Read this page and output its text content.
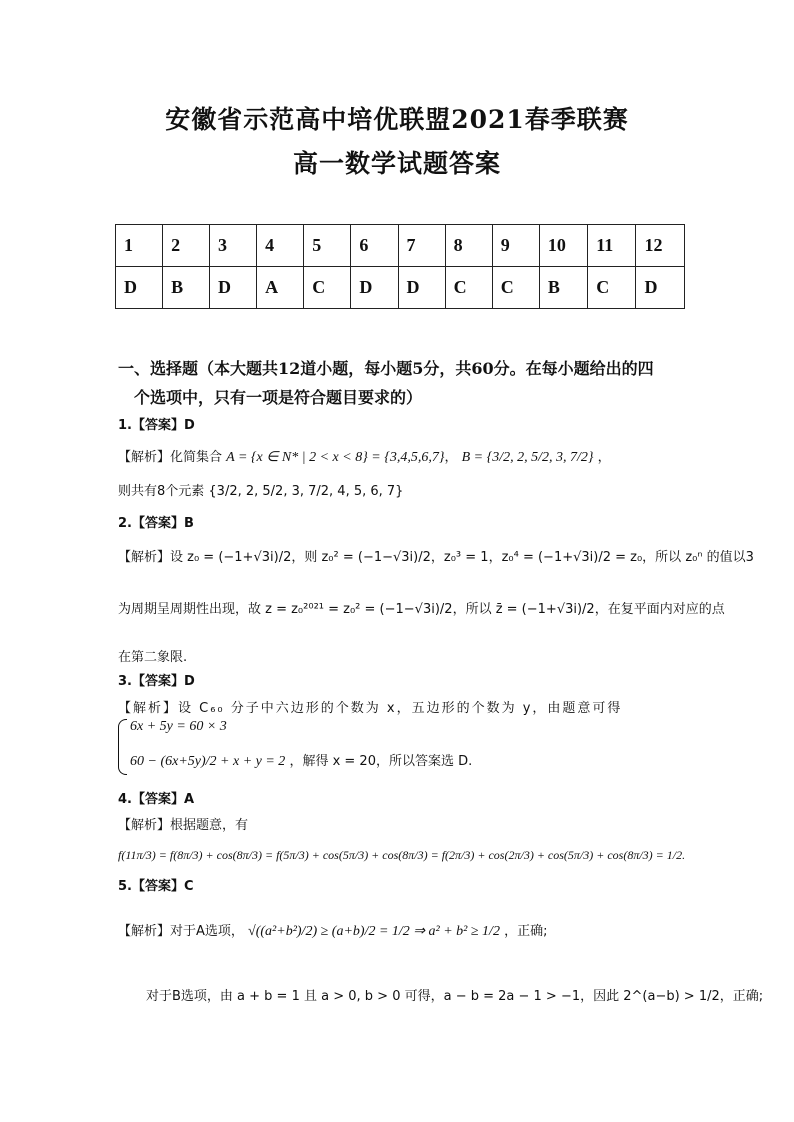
安徽省示范高中培优联盟2021春季联赛
高一数学试题答案
1	2	3	4	5	6	7	8	9	10	11	12
D	B	D	A	C	D	D	C	C	B	C	D
一、选择题（本大题共12道小题，每小题5分，共60分。在每小题给出的四
个选项中，只有一项是符合题目要求的）
1.【答案】D
【解析】化简集合 A = {x ∈ N* | 2 < x < 8} = {3,4,5,6,7}， B = {3/2, 2, 5/2, 3, 7/2} ，
则共有8个元素 {3/2, 2, 5/2, 3, 7/2, 4, 5, 6, 7}
2.【答案】B
【解析】设 z₀ = (−1+√3i)/2，则 z₀² = (−1−√3i)/2，z₀³ = 1，z₀⁴ = (−1+√3i)/2 = z₀，所以 z₀ⁿ 的值以3
为周期呈周期性出现，故 z = z₀²⁰²¹ = z₀² = (−1−√3i)/2，所以 z̄ = (−1+√3i)/2，在复平面内对应的点
在第二象限.
3.【答案】D
【解析】设 C₆₀ 分子中六边形的个数为 x，五边形的个数为 y，由题意可得
6x + 5y = 60 × 3
60 − (6x+5y)/2 + x + y = 2 ，解得 x = 20，所以答案选 D.
4.【答案】A
【解析】根据题意，有
f(11π/3) = f(8π/3) + cos(8π/3) = f(5π/3) + cos(5π/3) + cos(8π/3) = f(2π/3) + cos(2π/3) + cos(5π/3) + cos(8π/3) = 1/2.
5.【答案】C
【解析】对于A选项， √((a²+b²)/2) ≥ (a+b)/2 = 1/2 ⇒ a² + b² ≥ 1/2 ，正确;
对于B选项，由 a + b = 1 且 a > 0, b > 0 可得，a − b = 2a − 1 > −1，因此 2^(a−b) > 1/2，正确;
